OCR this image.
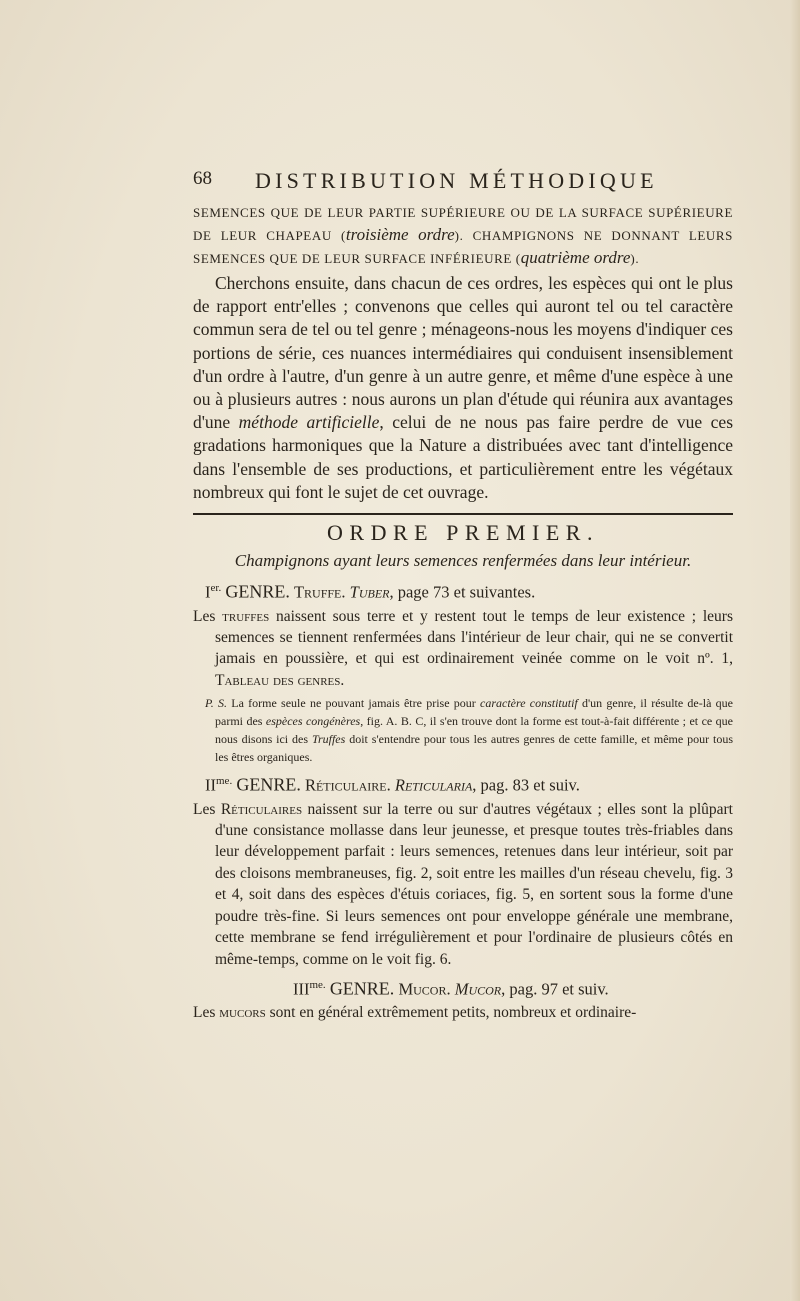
68 DISTRIBUTION MÉTHODIQUE

SEMENCES QUE DE LEUR PARTIE SUPÉRIEURE OU DE LA SURFACE SUPÉRIEURE DE LEUR CHAPEAU (troisième ordre). CHAMPIGNONS NE DONNANT LEURS SEMENCES QUE DE LEUR SURFACE INFÉRIEURE (quatrième ordre).

Cherchons ensuite, dans chacun de ces ordres, les espèces qui ont le plus de rapport entr'elles ; convenons que celles qui auront tel ou tel caractère commun sera de tel ou tel genre ; ménageons-nous les moyens d'indiquer ces portions de série, ces nuances intermédiaires qui conduisent insensiblement d'un ordre à l'autre, d'un genre à un autre genre, et même d'une espèce à une ou à plusieurs autres : nous aurons un plan d'étude qui réunira aux avantages d'une méthode artificielle, celui de ne nous pas faire perdre de vue ces gradations harmoniques que la Nature a distribuées avec tant d'intelligence dans l'ensemble de ses productions, et particulièrement entre les végétaux nombreux qui font le sujet de cet ouvrage.

ORDRE PREMIER.
Champignons ayant leurs semences renfermées dans leur intérieur.
$I^{er.}$ GENRE. Truffe. Tuber, page 73 et suivantes.

Les truffes naissent sous terre et y restent tout le temps de leur existence ; leurs semences se tiennent renfermées dans l'intérieur de leur chair, qui ne se convertit jamais en poussière, et qui est ordinairement veinée comme on le voit nº. 1, Tableau des genres.

P. S. La forme seule ne pouvant jamais être prise pour caractère constitutif d'un genre, il résulte de-là que parmi des espèces congénères, fig. A. B. C, il s'en trouve dont la forme est tout-à-fait différente ; et ce que nous disons ici des Truffes doit s'entendre pour tous les autres genres de cette famille, et même pour tous les êtres organiques.

$II^{me.}$ GENRE. Réticulaire. Reticularia, pag. 83 et suiv.

Les Réticulaires naissent sur la terre ou sur d'autres végétaux ; elles sont la plûpart d'une consistance mollasse dans leur jeunesse, et presque toutes très-friables dans leur développement parfait : leurs semences, retenues dans leur intérieur, soit par des cloisons membraneuses, fig. 2, soit entre les mailles d'un réseau chevelu, fig. 3 et 4, soit dans des espèces d'étuis coriaces, fig. 5, en sortent sous la forme d'une poudre très-fine. Si leurs semences ont pour enveloppe générale une membrane, cette membrane se fend irrégulièrement et pour l'ordinaire de plusieurs côtés en même-temps, comme on le voit fig. 6.

$III^{me.}$ GENRE. Mucor. Mucor, pag. 97 et suiv.

Les mucors sont en général extrêmement petits, nombreux et ordinaire-
